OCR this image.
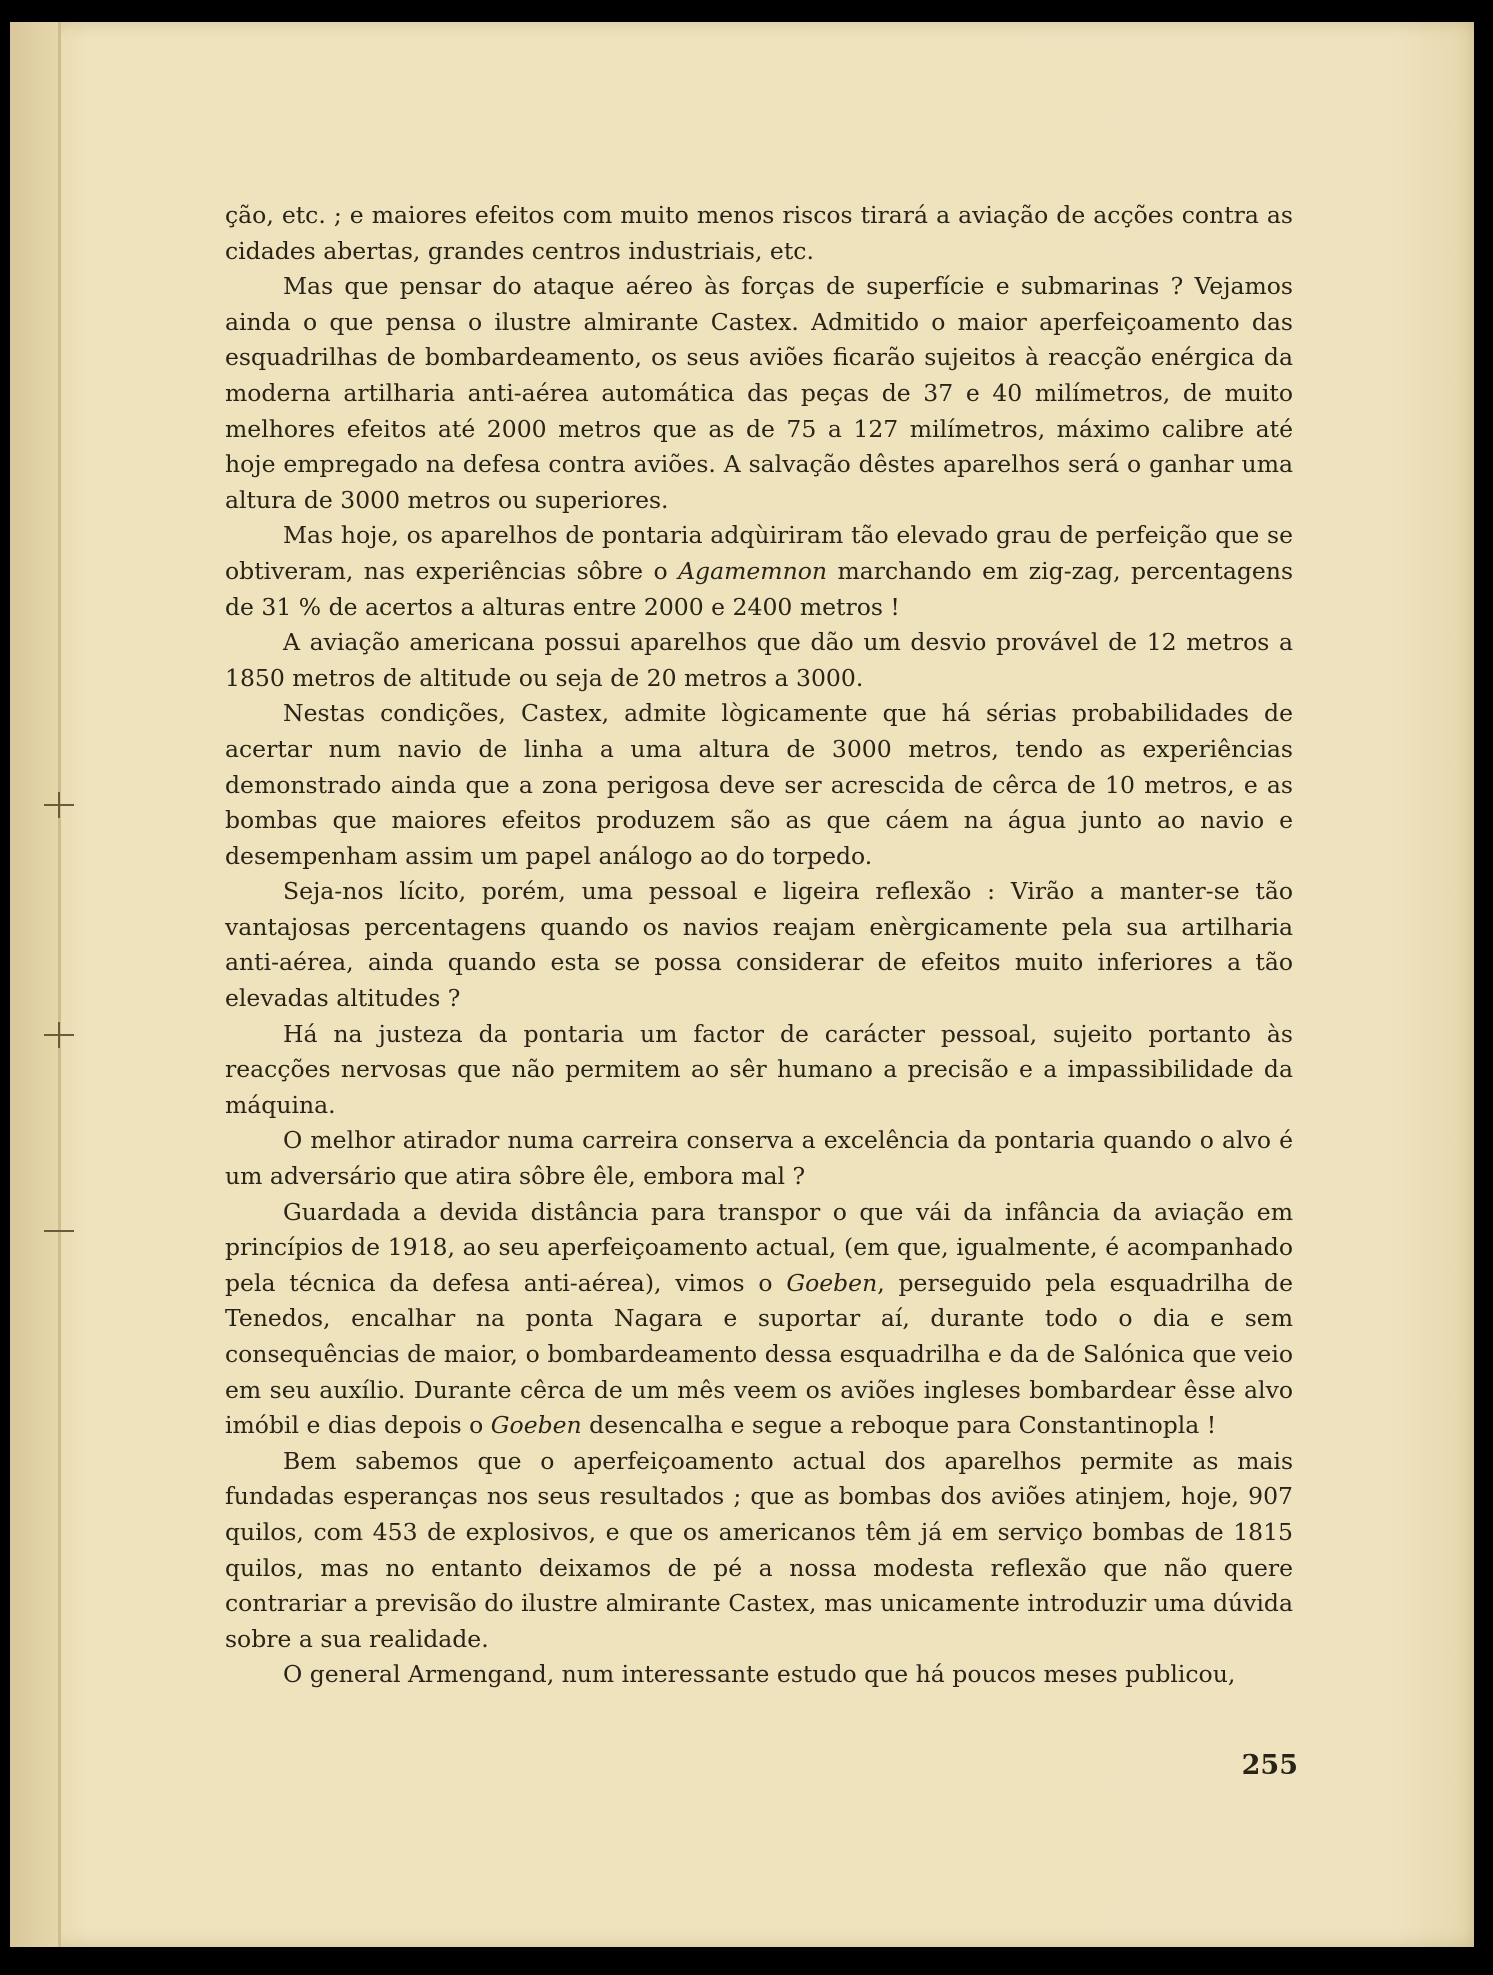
ção, etc. ; e maiores efeitos com muito menos riscos tirará a aviação de acções contra as cidades abertas, grandes centros industriais, etc.

Mas que pensar do ataque aéreo às forças de superfície e submarinas ? Vejamos ainda o que pensa o ilustre almirante Castex. Admitido o maior aperfeiçoamento das esquadrilhas de bombardeamento, os seus aviões ficarão sujeitos à reacção enérgica da moderna artilharia anti-aérea automática das peças de 37 e 40 milímetros, de muito melhores efeitos até 2000 metros que as de 75 a 127 milímetros, máximo calibre até hoje empregado na defesa contra aviões. A salvação dêstes aparelhos será o ganhar uma altura de 3000 metros ou superiores.

Mas hoje, os aparelhos de pontaria adqùiriram tão elevado grau de perfeição que se obtiveram, nas experiências sôbre o Agamemnon marchando em zig-zag, percentagens de 31 % de acertos a alturas entre 2000 e 2400 metros !

A aviação americana possui aparelhos que dão um desvio provável de 12 metros a 1850 metros de altitude ou seja de 20 metros a 3000.

Nestas condições, Castex, admite lògicamente que há sérias probabilidades de acertar num navio de linha a uma altura de 3000 metros, tendo as experiências demonstrado ainda que a zona perigosa deve ser acrescida de cêrca de 10 metros, e as bombas que maiores efeitos produzem são as que cáem na água junto ao navio e desempenham assim um papel análogo ao do torpedo.

Seja-nos lícito, porém, uma pessoal e ligeira reflexão : Virão a manter-se tão vantajosas percentagens quando os navios reajam enèrgicamente pela sua artilharia anti-aérea, ainda quando esta se possa considerar de efeitos muito inferiores a tão elevadas altitudes ?

Há na justeza da pontaria um factor de carácter pessoal, sujeito portanto às reacções nervosas que não permitem ao sêr humano a precisão e a impassibilidade da máquina.

O melhor atirador numa carreira conserva a excelência da pontaria quando o alvo é um adversário que atira sôbre êle, embora mal ?

Guardada a devida distância para transpor o que vái da infância da aviação em princípios de 1918, ao seu aperfeiçoamento actual, (em que, igualmente, é acompanhado pela técnica da defesa anti-aérea), vimos o Goeben, perseguido pela esquadrilha de Tenedos, encalhar na ponta Nagara e suportar aí, durante todo o dia e sem consequências de maior, o bombardeamento dessa esquadrilha e da de Salónica que veio em seu auxílio. Durante cêrca de um mês veem os aviões ingleses bombardear êsse alvo imóbil e dias depois o Goeben desencalha e segue a reboque para Constantinopla !

Bem sabemos que o aperfeiçoamento actual dos aparelhos permite as mais fundadas esperanças nos seus resultados ; que as bombas dos aviões atinjem, hoje, 907 quilos, com 453 de explosivos, e que os americanos têm já em serviço bombas de 1815 quilos, mas no entanto deixamos de pé a nossa modesta reflexão que não quere contrariar a previsão do ilustre almirante Castex, mas unicamente introduzir uma dúvida sobre a sua realidade.

O general Armengand, num interessante estudo que há poucos meses publicou,

255
